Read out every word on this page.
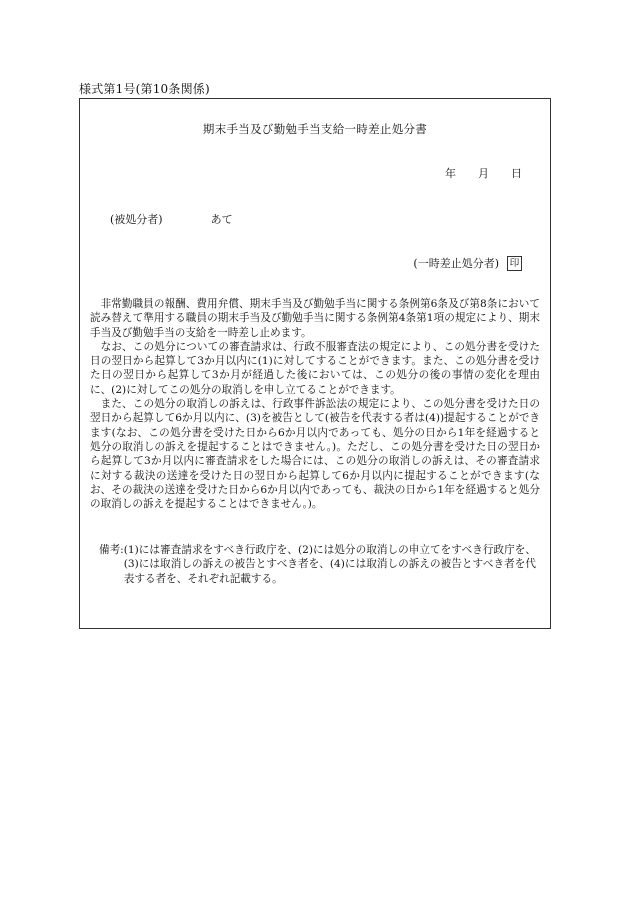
様式第1号(第10条関係)
期末手当及び勤勉手当支給一時差止処分書
年 月 日
(被処分者)	あて
(一時差止処分者) 印

非常勤職員の報酬、費用弁償、期末手当及び勤勉手当に関する条例第6条及び第8条において読み替えて準用する職員の期末手当及び勤勉手当に関する条例第4条第1項の規定により、期末手当及び勤勉手当の支給を一時差し止めます。

なお、この処分についての審査請求は、行政不服審査法の規定により、この処分書を受けた日の翌日から起算して3か月以内に(1)に対してすることができます。また、この処分書を受けた日の翌日から起算して3か月が経過した後においては、この処分の後の事情の変化を理由に、(2)に対してこの処分の取消しを申し立てることができます。

また、この処分の取消しの訴えは、行政事件訴訟法の規定により、この処分書を受けた日の翌日から起算して6か月以内に、(3)を被告として(被告を代表する者は(4))提起することができます(なお、この処分書を受けた日から6か月以内であっても、処分の日から1年を経過すると処分の取消しの訴えを提起することはできません。)。ただし、この処分書を受けた日の翌日から起算して3か月以内に審査請求をした場合には、この処分の取消しの訴えは、その審査請求に対する裁決の送達を受けた日の翌日から起算して6か月以内に提起することができます(なお、その裁決の送達を受けた日から6か月以内であっても、裁決の日から1年を経過すると処分の取消しの訴えを提起することはできません。)。

備考: (1)には審査請求をすべき行政庁を、(2)には処分の取消しの申立てをすべき行政庁を、(3)には取消しの訴えの被告とすべき者を、(4)には取消しの訴えの被告とすべき者を代表する者を、それぞれ記載する。
